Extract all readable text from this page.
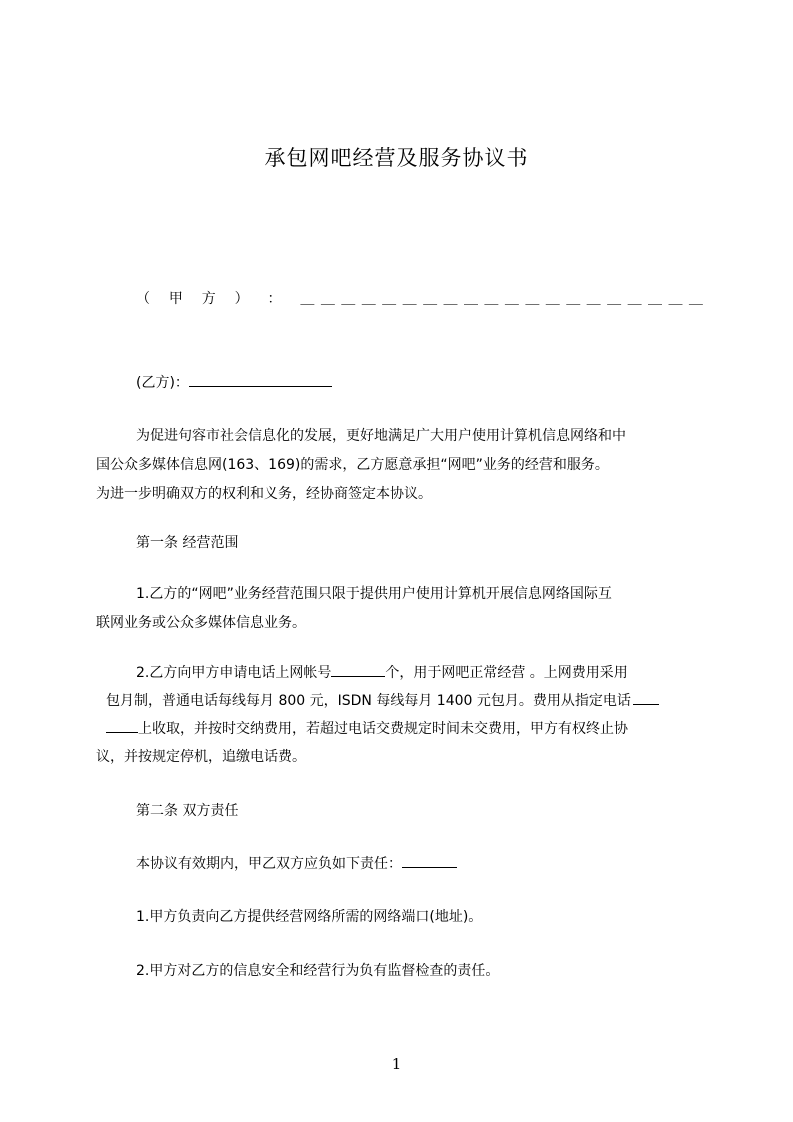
承包网吧经营及服务协议书
（ 甲 方 ） ： ＿ ＿ ＿ ＿ ＿ ＿ ＿ ＿ ＿ ＿ ＿ ＿ ＿ ＿ ＿ ＿ ＿ ＿ ＿ ＿
(乙方)：
为促进句容市社会信息化的发展，更好地满足广大用户使用计算机信息网络和中
国公众多媒体信息网(163、169)的需求，乙方愿意承担“网吧”业务的经营和服务。
为进一步明确双方的权利和义务，经协商签定本协议。
第一条 经营范围
1.乙方的“网吧”业务经营范围只限于提供用户使用计算机开展信息网络国际互
联网业务或公众多媒体信息业务。
2.乙方向甲方申请电话上网帐号	个，用于网吧正常经营 。上网费用采用
包月制，普通电话每线每月 800 元，ISDN 每线每月 1400 元包月。费用从指定电话
上收取，并按时交纳费用，若超过电话交费规定时间未交费用，甲方有权终止协
议，并按规定停机，追缴电话费。
第二条 双方责任
本协议有效期内，甲乙双方应负如下责任：
1.甲方负责向乙方提供经营网络所需的网络端口(地址)。
2.甲方对乙方的信息安全和经营行为负有监督检查的责任。
1
